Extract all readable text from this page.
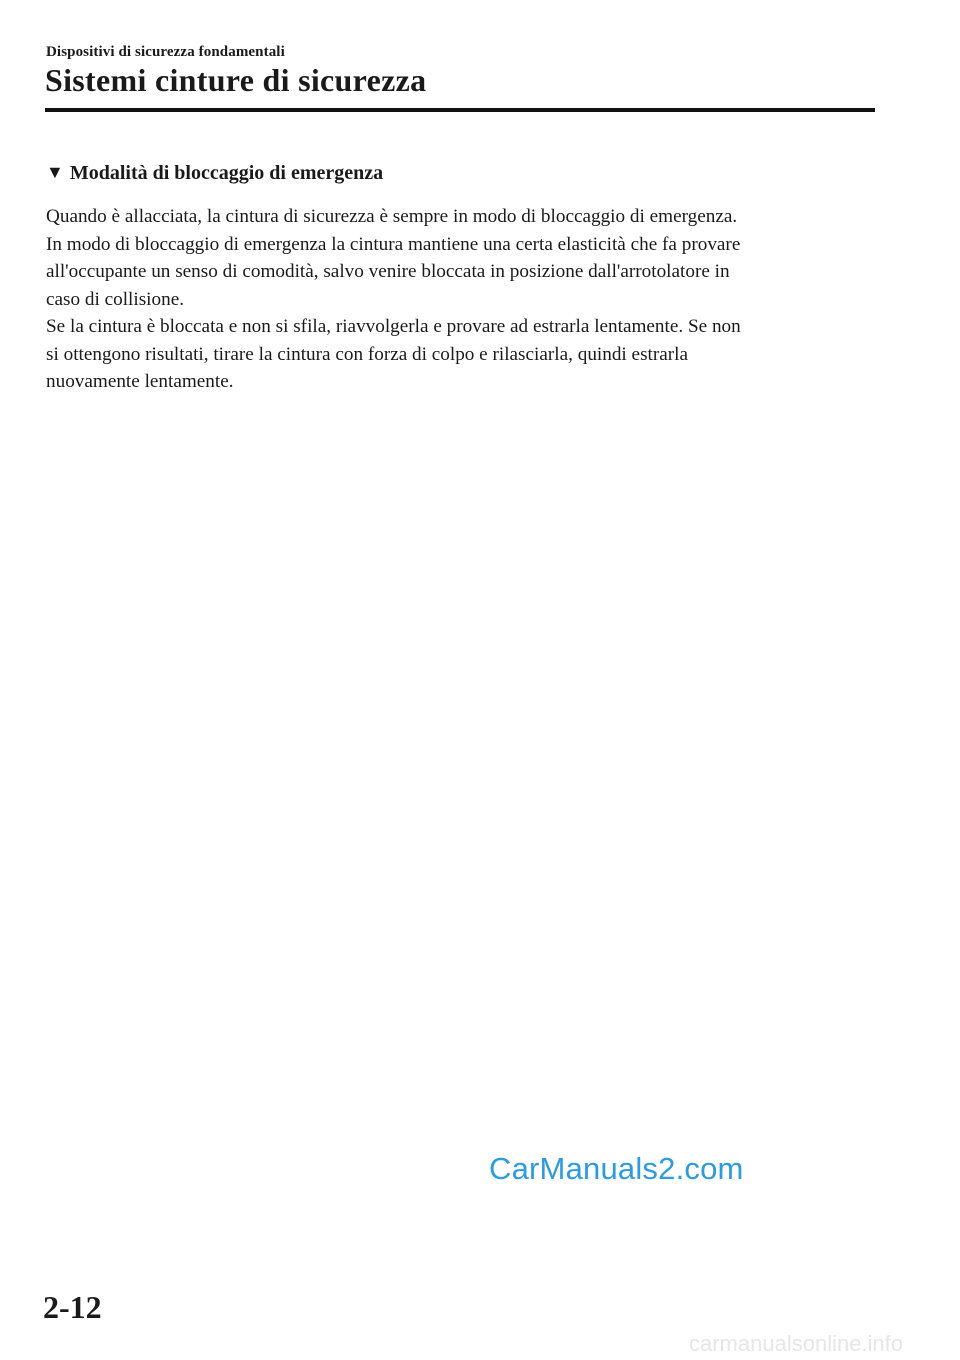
Dispositivi di sicurezza fondamentali
Sistemi cinture di sicurezza
▼ Modalità di bloccaggio di emergenza
Quando è allacciata, la cintura di sicurezza è sempre in modo di bloccaggio di emergenza.
In modo di bloccaggio di emergenza la cintura mantiene una certa elasticità che fa provare
all'occupante un senso di comodità, salvo venire bloccata in posizione dall'arrotolatore in
caso di collisione.
Se la cintura è bloccata e non si sfila, riavvolgerla e provare ad estrarla lentamente. Se non
si ottengono risultati, tirare la cintura con forza di colpo e rilasciarla, quindi estrarla
nuovamente lentamente.
CarManuals2.com
2-12
carmanualsonline.info
